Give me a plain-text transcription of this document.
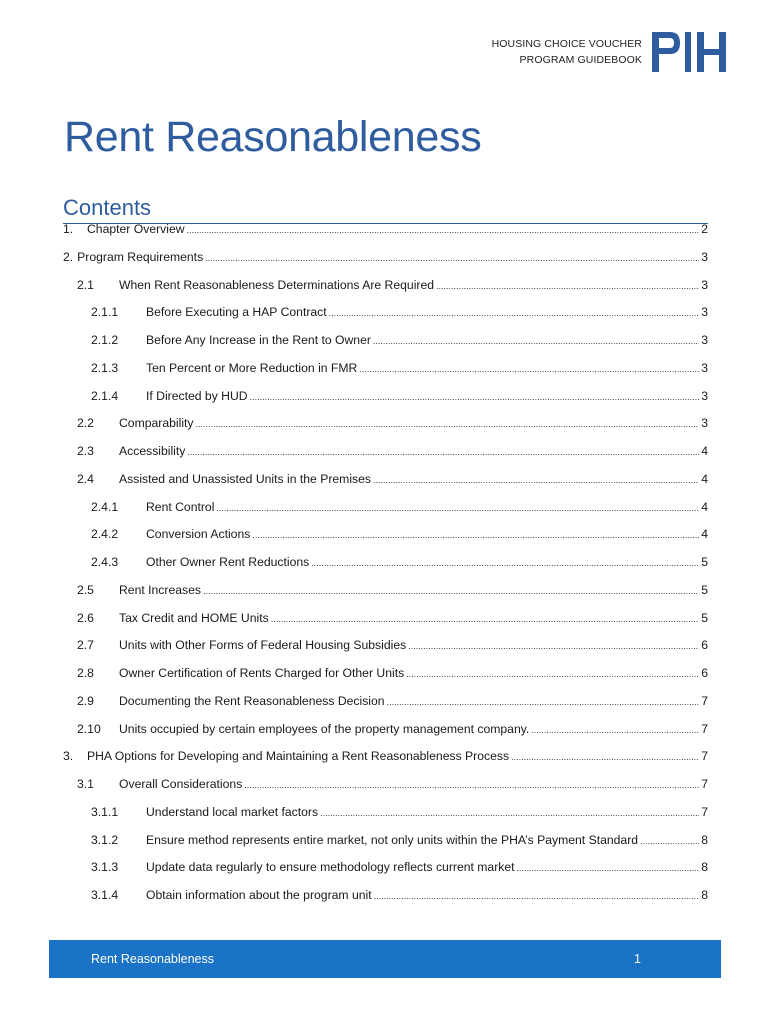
HOUSING CHOICE VOUCHER
PROGRAM GUIDEBOOK
Rent Reasonableness
Contents
1.	Chapter Overview .....	2
2. Program Requirements .....	3
2.1	When Rent Reasonableness Determinations Are Required .....	3
2.1.1	Before Executing a HAP Contract .....	3
2.1.2	Before Any Increase in the Rent to Owner .....	3
2.1.3	Ten Percent or More Reduction in FMR .....	3
2.1.4	If Directed by HUD .....	3
2.2	Comparability .....	3
2.3	Accessibility .....	4
2.4	Assisted and Unassisted Units in the Premises .....	4
2.4.1	Rent Control .....	4
2.4.2	Conversion Actions .....	4
2.4.3	Other Owner Rent Reductions .....	5
2.5	Rent Increases .....	5
2.6	Tax Credit and HOME Units .....	5
2.7	Units with Other Forms of Federal Housing Subsidies .....	6
2.8	Owner Certification of Rents Charged for Other Units .....	6
2.9	Documenting the Rent Reasonableness Decision .....	7
2.10	Units occupied by certain employees of the property management company. .....	7
3.	PHA Options for Developing and Maintaining a Rent Reasonableness Process .....	7
3.1	Overall Considerations .....	7
3.1.1	Understand local market factors .....	7
3.1.2	Ensure method represents entire market, not only units within the PHA’s Payment Standard .....	8
3.1.3	Update data regularly to ensure methodology reflects current market .....	8
3.1.4	Obtain information about the program unit .....	8
Rent Reasonableness	1
